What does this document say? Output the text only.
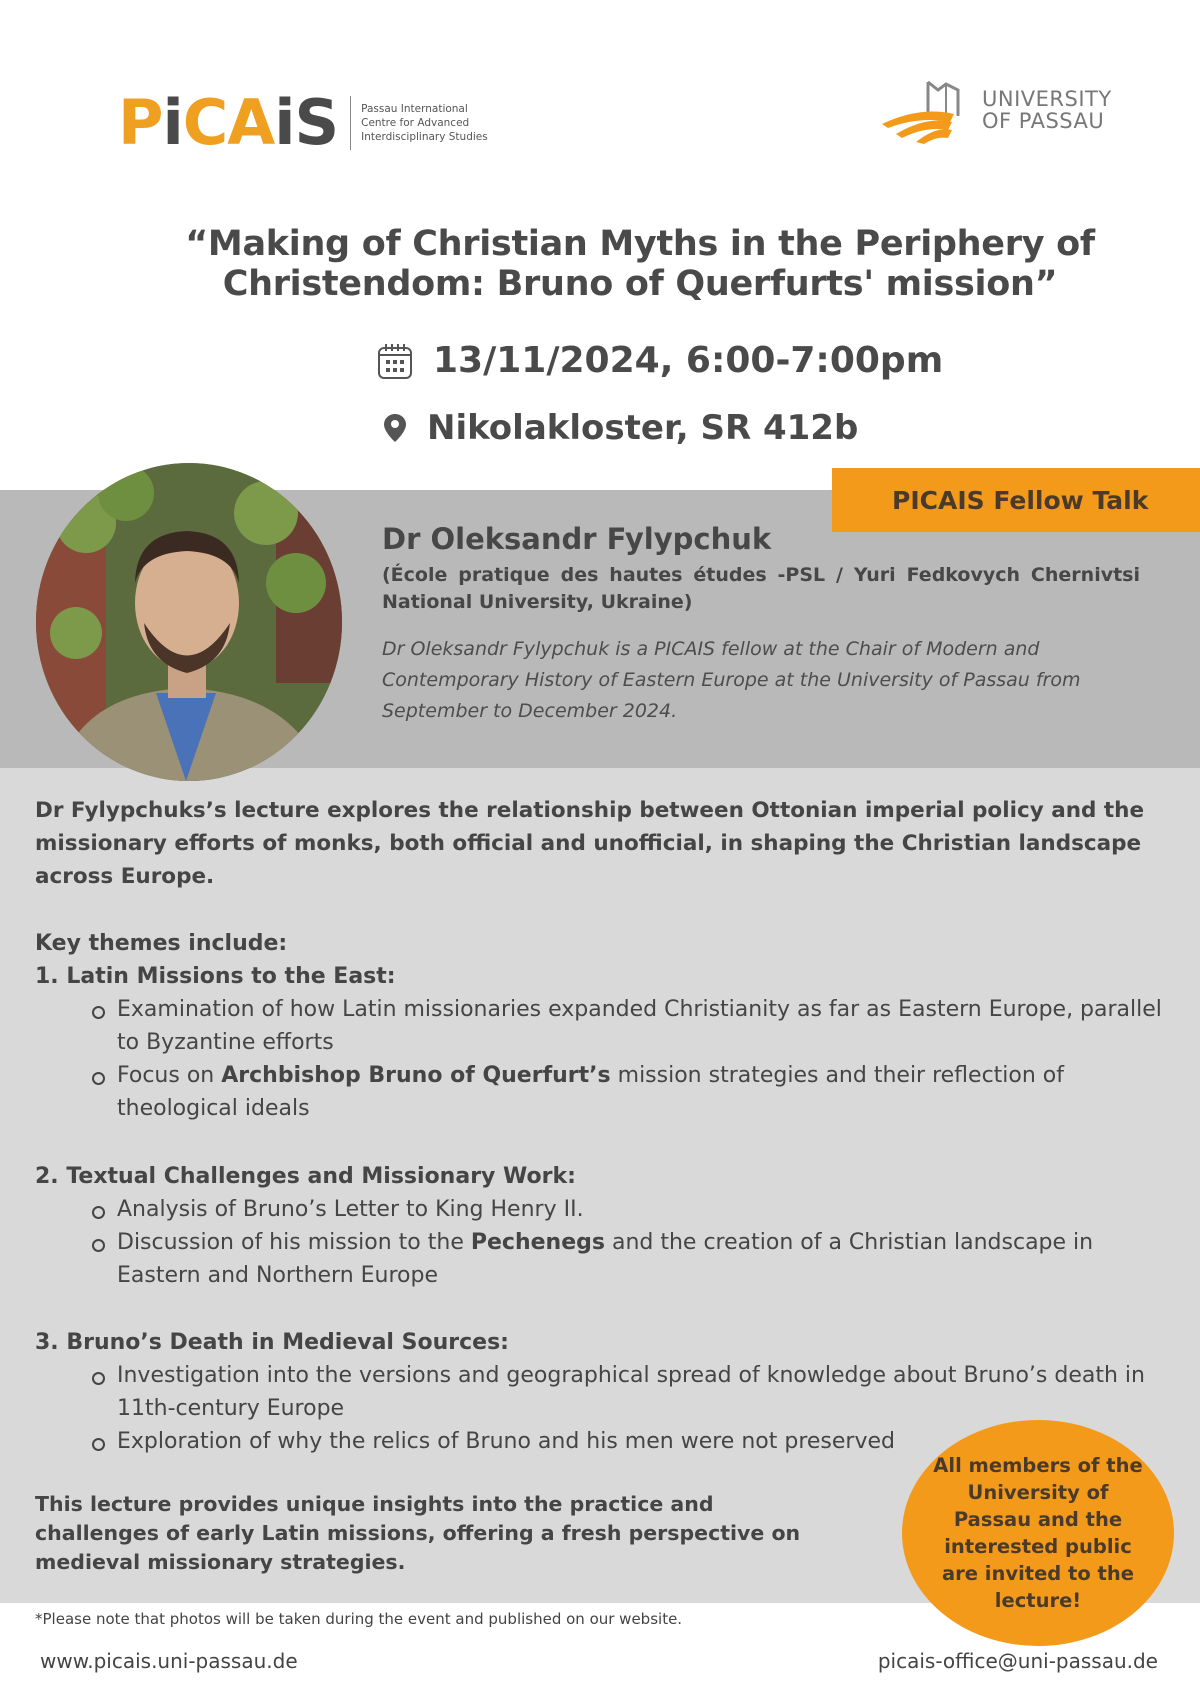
PiCAiS Passau International
Centre for Advanced
Interdisciplinary Studies
UNIVERSITY
OF PASSAU
“Making of Christian Myths in the Periphery of
Christendom: Bruno of Querfurts' mission”
13/11/2024, 6:00-7:00pm
Nikolakloster, SR 412b
PICAIS Fellow Talk
Dr Oleksandr Fylypchuk
(École pratique des hautes études -PSL / Yuri Fedkovych Chernivtsi National University, Ukraine)
Dr Oleksandr Fylypchuk is a PICAIS fellow at the Chair of Modern and Contemporary History of Eastern Europe at the University of Passau from September to December 2024.
Dr Fylypchuks’s lecture explores the relationship between Ottonian imperial policy and the missionary efforts of monks, both official and unofficial, in shaping the Christian landscape across Europe.
Key themes include:
1. Latin Missions to the East:
Examination of how Latin missionaries expanded Christianity as far as Eastern Europe, parallel to Byzantine efforts
Focus on Archbishop Bruno of Querfurt’s mission strategies and their reflection of theological ideals
2. Textual Challenges and Missionary Work:
Analysis of Bruno’s Letter to King Henry II.
Discussion of his mission to the Pechenegs and the creation of a Christian landscape in Eastern and Northern Europe
3. Bruno’s Death in Medieval Sources:
Investigation into the versions and geographical spread of knowledge about Bruno’s death in 11th-century Europe
Exploration of why the relics of Bruno and his men were not preserved
This lecture provides unique insights into the practice and challenges of early Latin missions, offering a fresh perspective on medieval missionary strategies.
All members of the University of Passau and the interested public are invited to the lecture!
*Please note that photos will be taken during the event and published on our website.
www.picais.uni-passau.de	picais-office@uni-passau.de
